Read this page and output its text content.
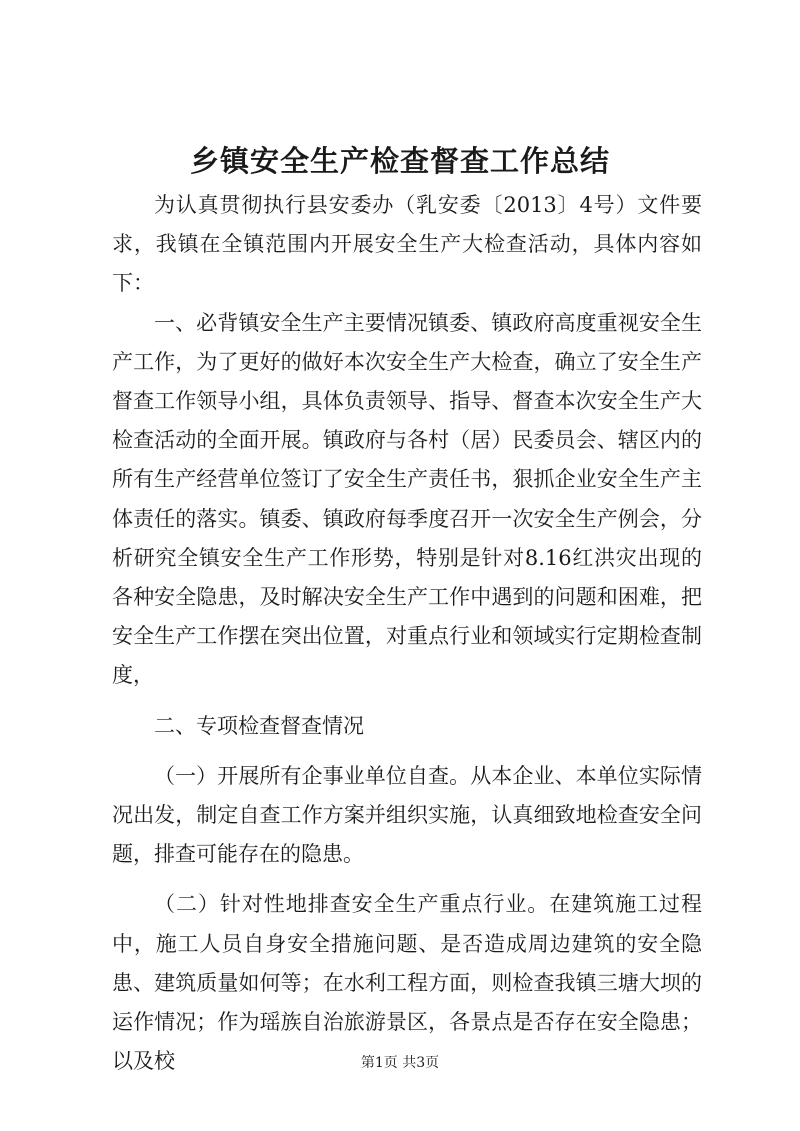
乡镇安全生产检查督查工作总结

为认真贯彻执行县安委办（乳安委〔2013〕4号）文件要求，我镇在全镇范围内开展安全生产大检查活动，具体内容如下：

一、必背镇安全生产主要情况镇委、镇政府高度重视安全生产工作，为了更好的做好本次安全生产大检查，确立了安全生产督查工作领导小组，具体负责领导、指导、督查本次安全生产大检查活动的全面开展。镇政府与各村（居）民委员会、辖区内的所有生产经营单位签订了安全生产责任书，狠抓企业安全生产主体责任的落实。镇委、镇政府每季度召开一次安全生产例会，分析研究全镇安全生产工作形势，特别是针对8.16红洪灾出现的各种安全隐患，及时解决安全生产工作中遇到的问题和困难，把安全生产工作摆在突出位置，对重点行业和领域实行定期检查制度，

二、专项检查督查情况

（一）开展所有企事业单位自查。从本企业、本单位实际情况出发，制定自查工作方案并组织实施，认真细致地检查安全问题，排查可能存在的隐患。

（二）针对性地排查安全生产重点行业。在建筑施工过程中，施工人员自身安全措施问题、是否造成周边建筑的安全隐患、建筑质量如何等；在水利工程方面，则检查我镇三塘大坝的运作情况；作为瑶族自治旅游景区，各景点是否存在安全隐患；以及校	第1页 共3页
